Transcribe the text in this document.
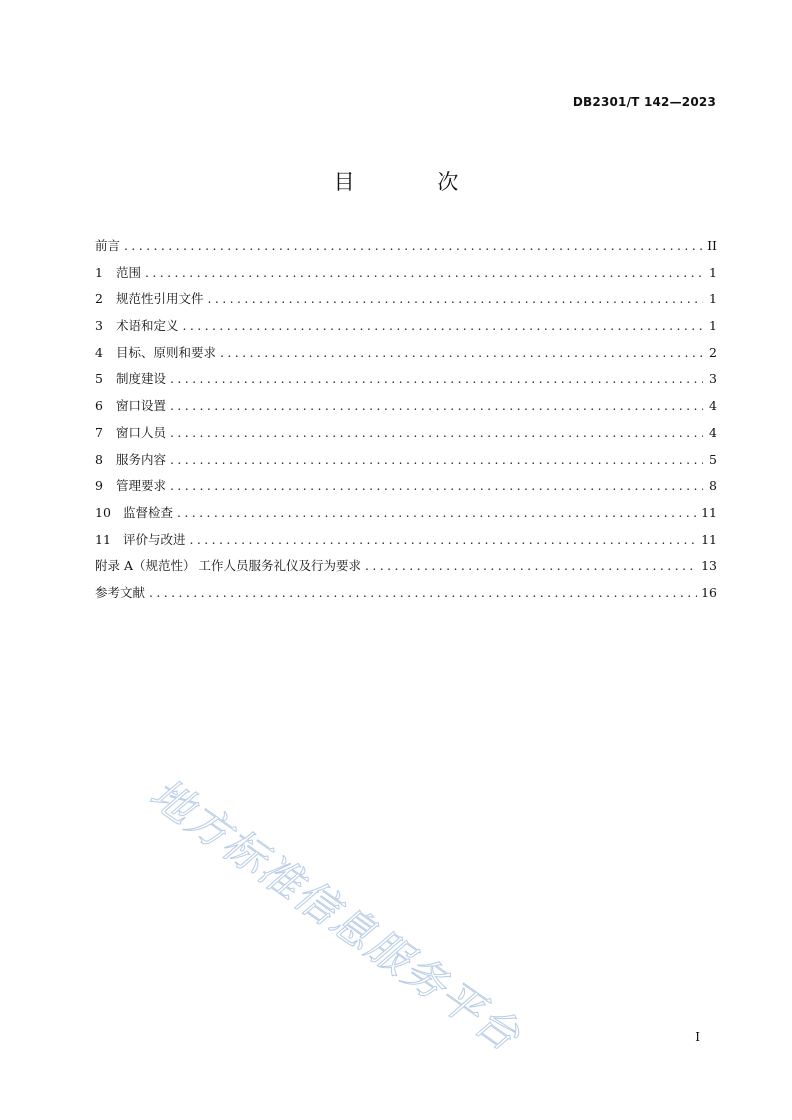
DB2301/T 142—2023
目 次
前言 .....	II
1	范围 .....	1
2	规范性引用文件 .....	1
3	术语和定义 .....	1
4	目标、原则和要求 .....	2
5	制度建设 .....	3
6	窗口设置 .....	4
7	窗口人员 .....	4
8	服务内容 .....	5
9	管理要求 .....	8
10 监督检查 .....	11
11 评价与改进 .....	11
附录 A（规范性） 工作人员服务礼仪及行为要求 .....	13
参考文献 .....	16
地方标准信息服务平台	I
